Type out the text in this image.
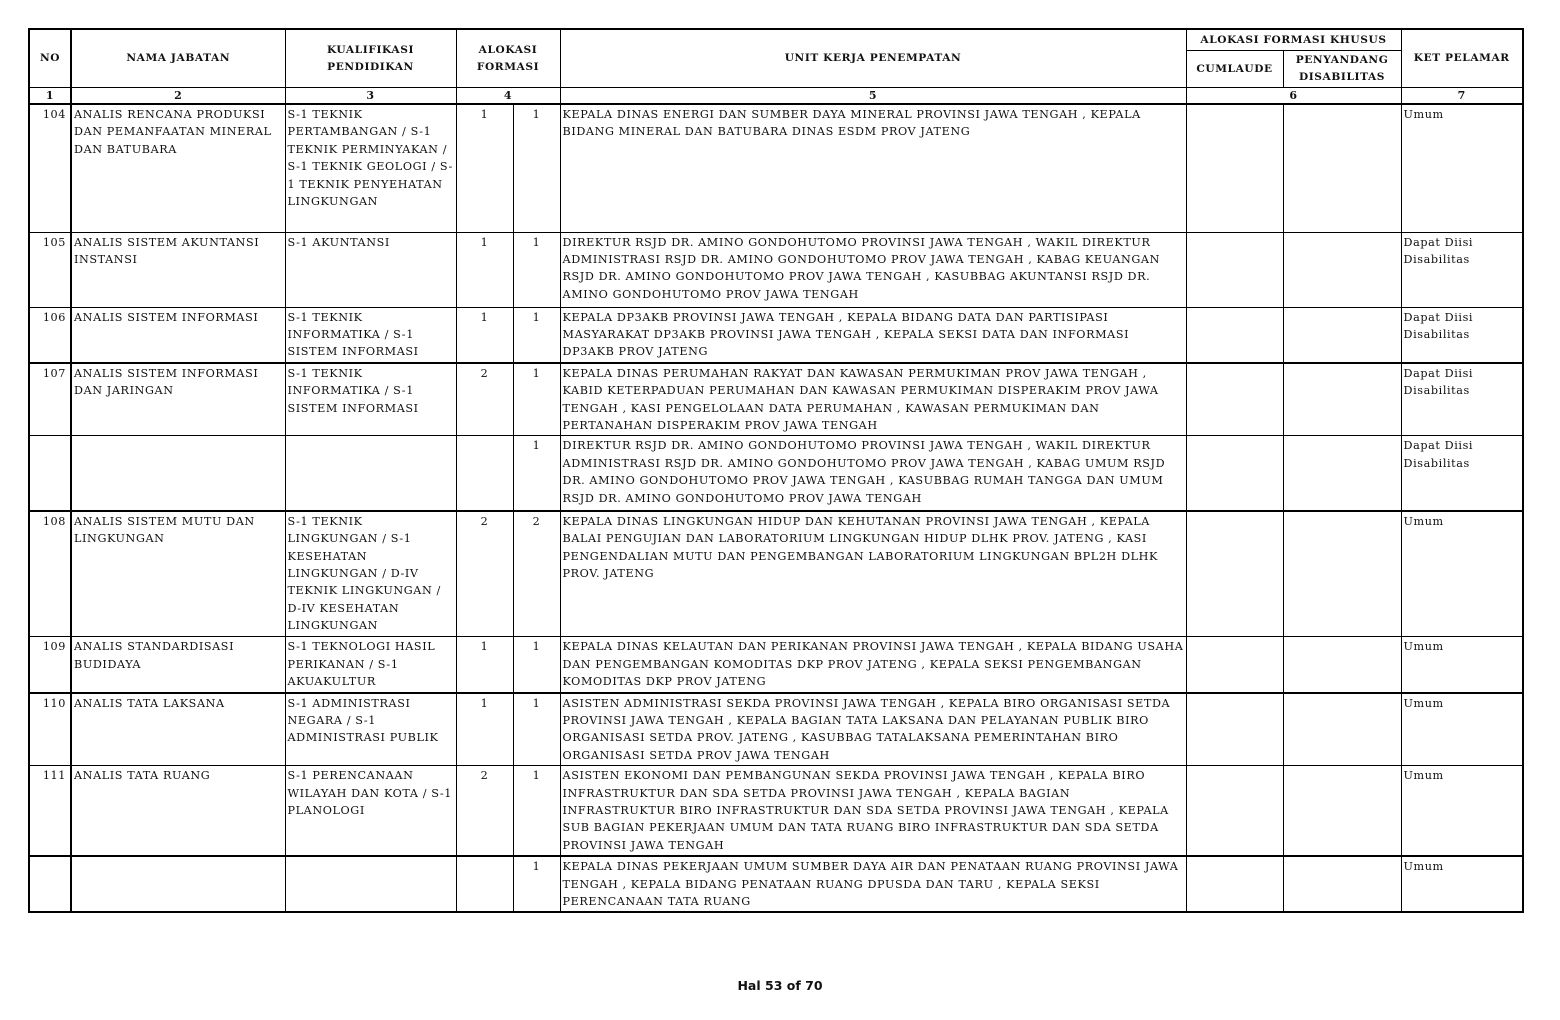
NO	NAMA JABATAN	KUALIFIKASI PENDIDIKAN	ALOKASI FORMASI		UNIT KERJA PENEMPATAN	ALOKASI FORMASI KHUSUS		KET PELAMAR
						CUMLAUDE	PENYANDANG DISABILITAS	
1	2	3	4		5	6		7
104	ANALIS RENCANA PRODUKSI DAN PEMANFAATAN MINERAL DAN BATUBARA	S-1 TEKNIK PERTAMBANGAN / S-1 TEKNIK PERMINYAKAN / S-1 TEKNIK GEOLOGI / S-1 TEKNIK PENYEHATAN LINGKUNGAN	1	1	KEPALA DINAS ENERGI DAN SUMBER DAYA MINERAL PROVINSI JAWA TENGAH , KEPALA BIDANG MINERAL DAN BATUBARA DINAS ESDM PROV JATENG			Umum
105	ANALIS SISTEM AKUNTANSI INSTANSI	S-1 AKUNTANSI	1	1	DIREKTUR RSJD DR. AMINO GONDOHUTOMO PROVINSI JAWA TENGAH , WAKIL DIREKTUR ADMINISTRASI RSJD DR. AMINO GONDOHUTOMO PROV JAWA TENGAH , KABAG KEUANGAN RSJD DR. AMINO GONDOHUTOMO PROV JAWA TENGAH , KASUBBAG AKUNTANSI RSJD DR. AMINO GONDOHUTOMO PROV JAWA TENGAH			Dapat Diisi Disabilitas
106	ANALIS SISTEM INFORMASI	S-1 TEKNIK INFORMATIKA / S-1 SISTEM INFORMASI	1	1	KEPALA DP3AKB PROVINSI JAWA TENGAH , KEPALA BIDANG DATA DAN PARTISIPASI MASYARAKAT DP3AKB PROVINSI JAWA TENGAH , KEPALA SEKSI DATA DAN INFORMASI DP3AKB PROV JATENG			Dapat Diisi Disabilitas
107	ANALIS SISTEM INFORMASI DAN JARINGAN	S-1 TEKNIK INFORMATIKA / S-1 SISTEM INFORMASI	2	1	KEPALA DINAS PERUMAHAN RAKYAT DAN KAWASAN PERMUKIMAN PROV JAWA TENGAH , KABID KETERPADUAN PERUMAHAN DAN KAWASAN PERMUKIMAN DISPERAKIM PROV JAWA TENGAH , KASI PENGELOLAAN DATA PERUMAHAN , KAWASAN PERMUKIMAN DAN PERTANAHAN DISPERAKIM PROV JAWA TENGAH			Dapat Diisi Disabilitas
				1	DIREKTUR RSJD DR. AMINO GONDOHUTOMO PROVINSI JAWA TENGAH , WAKIL DIREKTUR ADMINISTRASI RSJD DR. AMINO GONDOHUTOMO PROV JAWA TENGAH , KABAG UMUM RSJD DR. AMINO GONDOHUTOMO PROV JAWA TENGAH , KASUBBAG RUMAH TANGGA DAN UMUM RSJD DR. AMINO GONDOHUTOMO PROV JAWA TENGAH			Dapat Diisi Disabilitas
108	ANALIS SISTEM MUTU DAN LINGKUNGAN	S-1 TEKNIK LINGKUNGAN / S-1 KESEHATAN LINGKUNGAN / D-IV TEKNIK LINGKUNGAN / D-IV KESEHATAN LINGKUNGAN	2	2	KEPALA DINAS LINGKUNGAN HIDUP DAN KEHUTANAN PROVINSI JAWA TENGAH , KEPALA BALAI PENGUJIAN DAN LABORATORIUM LINGKUNGAN HIDUP DLHK PROV. JATENG , KASI PENGENDALIAN MUTU DAN PENGEMBANGAN LABORATORIUM LINGKUNGAN BPL2H DLHK PROV. JATENG			Umum
109	ANALIS STANDARDISASI BUDIDAYA	S-1 TEKNOLOGI HASIL PERIKANAN / S-1 AKUAKULTUR	1	1	KEPALA DINAS KELAUTAN DAN PERIKANAN PROVINSI JAWA TENGAH , KEPALA BIDANG USAHA DAN PENGEMBANGAN KOMODITAS DKP PROV JATENG , KEPALA SEKSI PENGEMBANGAN KOMODITAS DKP PROV JATENG			Umum
110	ANALIS TATA LAKSANA	S-1 ADMINISTRASI NEGARA / S-1 ADMINISTRASI PUBLIK	1	1	ASISTEN ADMINISTRASI SEKDA PROVINSI JAWA TENGAH , KEPALA BIRO ORGANISASI SETDA PROVINSI JAWA TENGAH , KEPALA BAGIAN TATA LAKSANA DAN PELAYANAN PUBLIK BIRO ORGANISASI SETDA PROV. JATENG , KASUBBAG TATALAKSANA PEMERINTAHAN BIRO ORGANISASI SETDA PROV JAWA TENGAH			Umum
111	ANALIS TATA RUANG	S-1 PERENCANAAN WILAYAH DAN KOTA / S-1 PLANOLOGI	2	1	ASISTEN EKONOMI DAN PEMBANGUNAN SEKDA PROVINSI JAWA TENGAH , KEPALA BIRO INFRASTRUKTUR DAN SDA SETDA PROVINSI JAWA TENGAH , KEPALA BAGIAN INFRASTRUKTUR BIRO INFRASTRUKTUR DAN SDA SETDA PROVINSI JAWA TENGAH , KEPALA SUB BAGIAN PEKERJAAN UMUM DAN TATA RUANG BIRO INFRASTRUKTUR DAN SDA SETDA PROVINSI JAWA TENGAH			Umum
				1	KEPALA DINAS PEKERJAAN UMUM SUMBER DAYA AIR DAN PENATAAN RUANG PROVINSI JAWA TENGAH , KEPALA BIDANG PENATAAN RUANG DPUSDA DAN TARU , KEPALA SEKSI PERENCANAAN TATA RUANG			Umum
Hal 53 of 70
